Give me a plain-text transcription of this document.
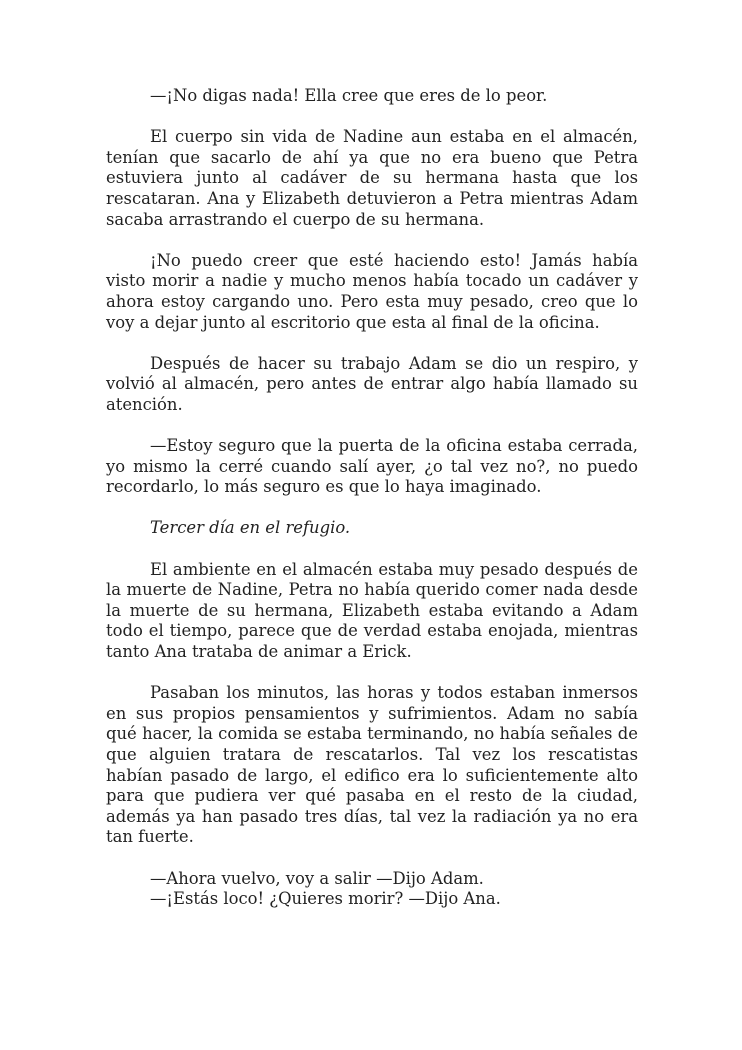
—¡No digas nada! Ella cree que eres de lo peor.

El cuerpo sin vida de Nadine aun estaba en el almacén, tenían que sacarlo de ahí ya que no era bueno que Petra estuviera junto al cadáver de su hermana hasta que los rescataran. Ana y Elizabeth detuvieron a Petra mientras Adam sacaba arrastrando el cuerpo de su hermana.

¡No puedo creer que esté haciendo esto! Jamás había visto morir a nadie y mucho menos había tocado un cadáver y ahora estoy cargando uno. Pero esta muy pesado, creo que lo voy a dejar junto al escritorio que esta al final de la oficina.

Después de hacer su trabajo Adam se dio un respiro, y volvió al almacén, pero antes de entrar algo había llamado su atención.

—Estoy seguro que la puerta de la oficina estaba cerrada, yo mismo la cerré cuando salí ayer, ¿o tal vez no?, no puedo recordarlo, lo más seguro es que lo haya imaginado.

Tercer día en el refugio.

El ambiente en el almacén estaba muy pesado después de la muerte de Nadine, Petra no había querido comer nada desde la muerte de su hermana, Elizabeth estaba evitando a Adam todo el tiempo, parece que de verdad estaba enojada, mientras tanto Ana trataba de animar a Erick.

Pasaban los minutos, las horas y todos estaban inmersos en sus propios pensamientos y sufrimientos. Adam no sabía qué hacer, la comida se estaba terminando, no había señales de que alguien tratara de rescatarlos. Tal vez los rescatistas habían pasado de largo, el edifico era lo suficientemente alto para que pudiera ver qué pasaba en el resto de la ciudad, además ya han pasado tres días, tal vez la radiación ya no era tan fuerte.

—Ahora vuelvo, voy a salir —Dijo Adam.

—¡Estás loco! ¿Quieres morir? —Dijo Ana.
